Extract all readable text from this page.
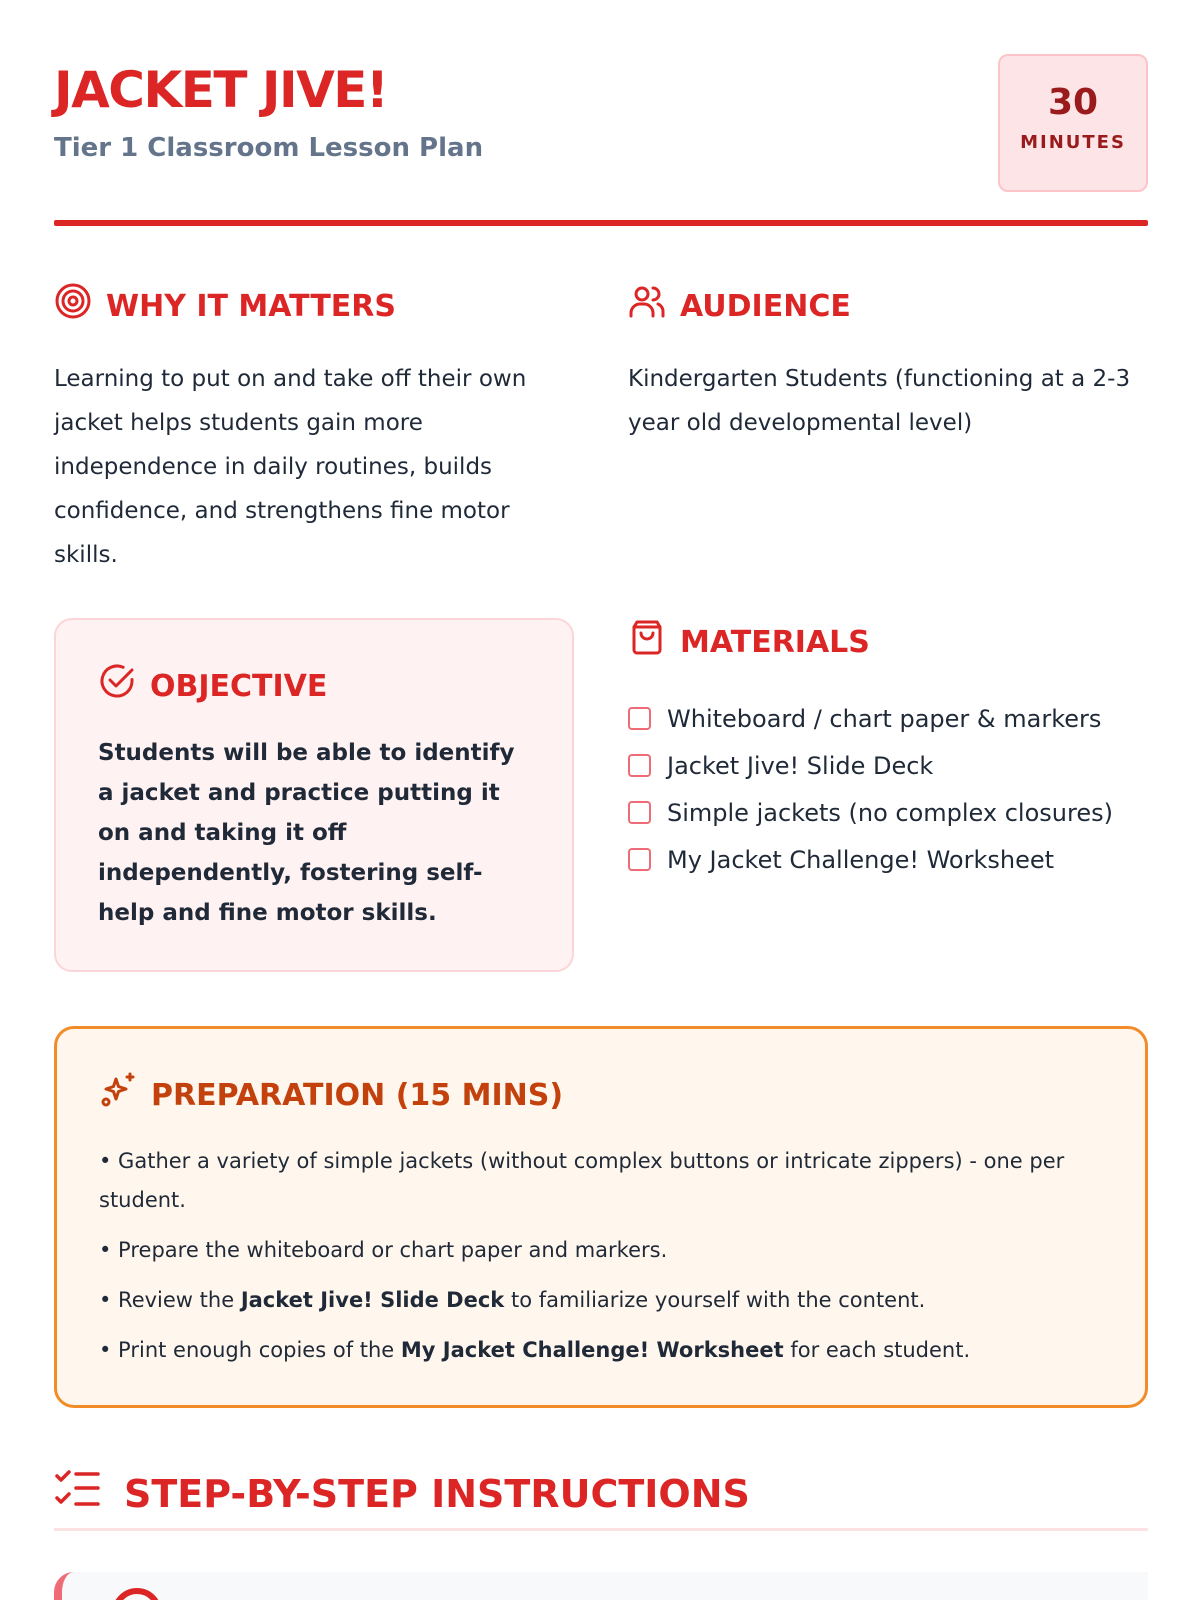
JACKET JIVE!
Tier 1 Classroom Lesson Plan
30
MINUTES
WHY IT MATTERS

Learning to put on and take off their own jacket helps students gain more independence in daily routines, builds confidence, and strengthens fine motor skills.

AUDIENCE

Kindergarten Students (functioning at a 2-3 year old developmental level)

OBJECTIVE

Students will be able to identify a jacket and practice putting it on and taking it off independently, fostering self-help and fine motor skills.

MATERIALS
Whiteboard / chart paper & markers
Jacket Jive! Slide Deck
Simple jackets (no complex closures)
My Jacket Challenge! Worksheet
PREPARATION (15 MINS)
• Gather a variety of simple jackets (without complex buttons or intricate zippers) - one per student.
• Prepare the whiteboard or chart paper and markers.
• Review the Jacket Jive! Slide Deck to familiarize yourself with the content.
• Print enough copies of the My Jacket Challenge! Worksheet for each student.
STEP-BY-STEP INSTRUCTIONS
